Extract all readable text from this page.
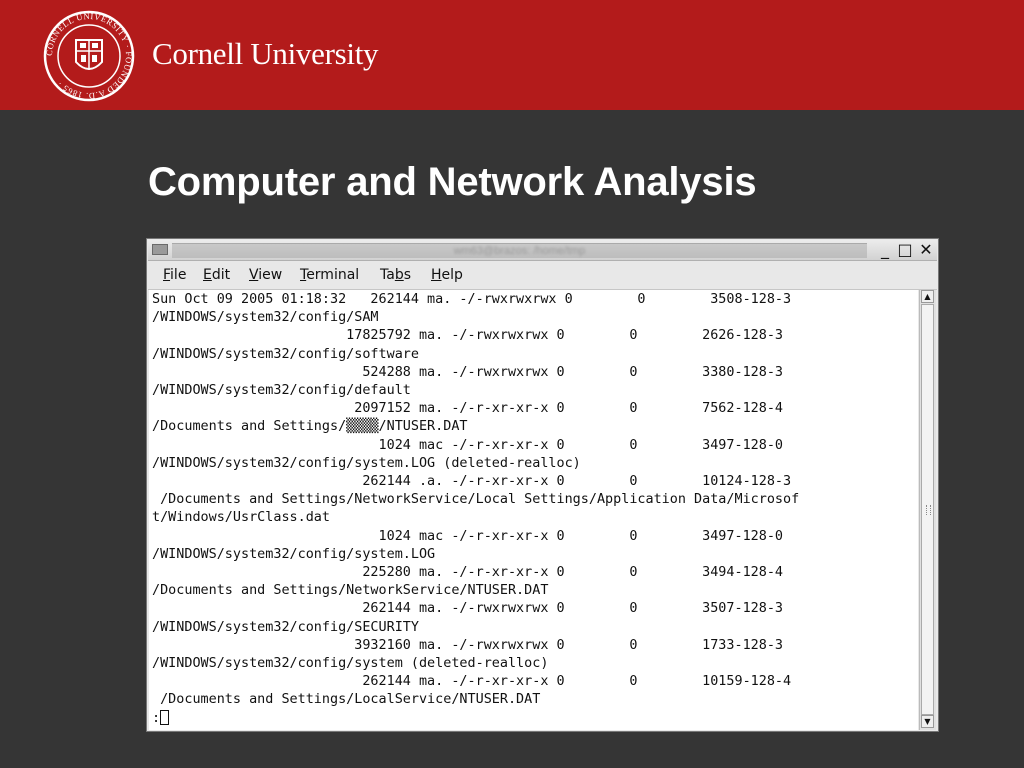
CORNELL UNIVERSITY · FOUNDED A.D. 1865 ·
Cornell University
Computer and Network Analysis
wm63@brazos: /home/tmp	_ □ ✕
File Edit View Terminal Tabs Help
Sun Oct 09 2005 01:18:32   262144 ma. -/-rwxrwxrwx 0        0        3508-128-3
/WINDOWS/system32/config/SAM
17825792 ma. -/-rwxrwxrwx 0        0        2626-128-3
/WINDOWS/system32/config/software
524288 ma. -/-rwxrwxrwx 0        0        3380-128-3
/WINDOWS/system32/config/default
2097152 ma. -/-r-xr-xr-x 0        0        7562-128-4
/Documents and Settings/▒▒▒▒/NTUSER.DAT
1024 mac -/-r-xr-xr-x 0        0        3497-128-0
/WINDOWS/system32/config/system.LOG (deleted-realloc)
262144 .a. -/-r-xr-xr-x 0        0        10124-128-3
/Documents and Settings/NetworkService/Local Settings/Application Data/Microsof
t/Windows/UsrClass.dat
1024 mac -/-r-xr-xr-x 0        0        3497-128-0
/WINDOWS/system32/config/system.LOG
225280 ma. -/-r-xr-xr-x 0        0        3494-128-4
/Documents and Settings/NetworkService/NTUSER.DAT
262144 ma. -/-rwxrwxrwx 0        0        3507-128-3
/WINDOWS/system32/config/SECURITY
3932160 ma. -/-rwxrwxrwx 0        0        1733-128-3
/WINDOWS/system32/config/system (deleted-realloc)
262144 ma. -/-r-xr-xr-x 0        0        10159-128-4
/Documents and Settings/LocalService/NTUSER.DAT
:
▲
▼
